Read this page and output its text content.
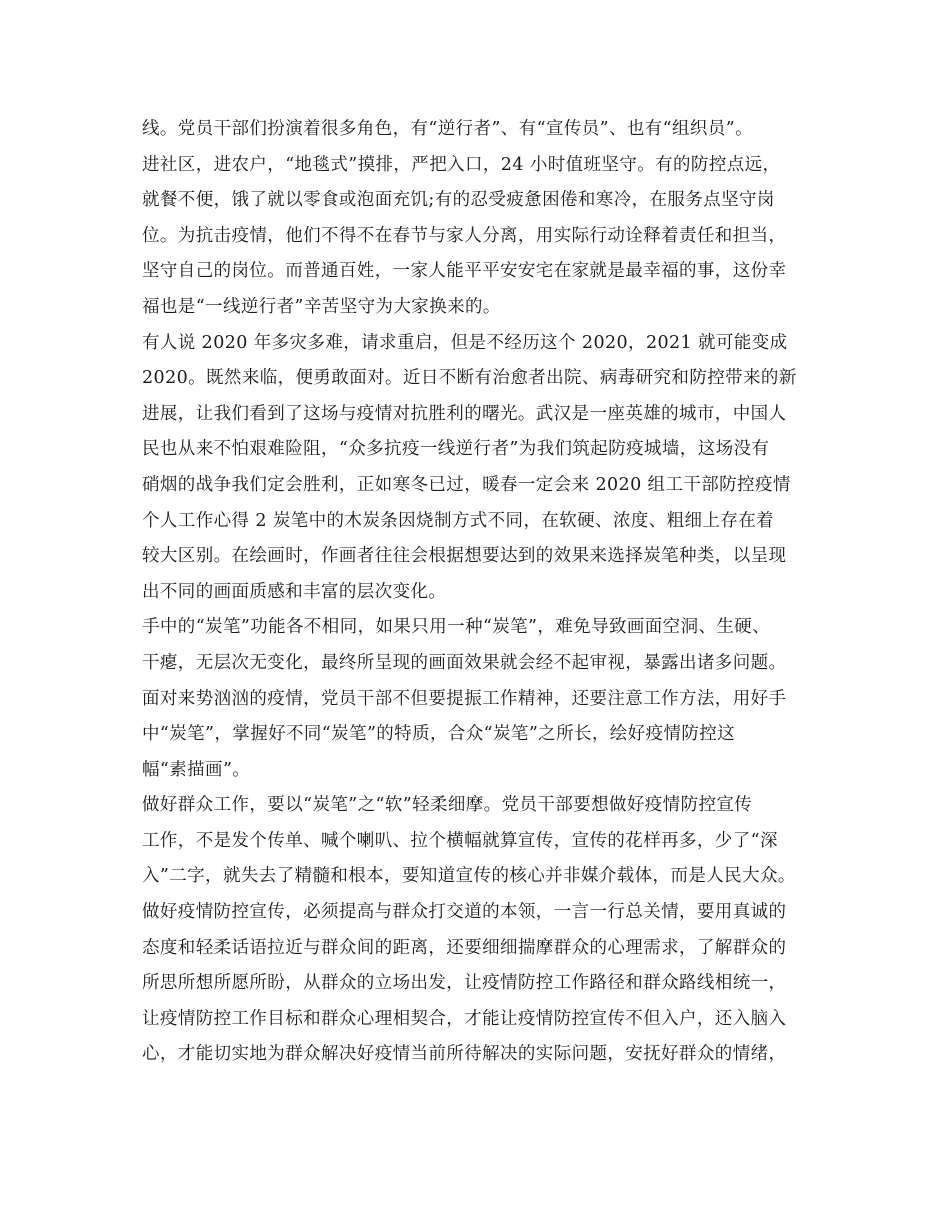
线。党员干部们扮演着很多角色，有“逆行者”、有“宣传员”、也有“组织员”。
进社区，进农户，“地毯式”摸排，严把入口，24 小时值班坚守。有的防控点远，
就餐不便，饿了就以零食或泡面充饥;有的忍受疲惫困倦和寒冷，在服务点坚守岗
位。为抗击疫情，他们不得不在春节与家人分离，用实际行动诠释着责任和担当，
坚守自己的岗位。而普通百姓，一家人能平平安安宅在家就是最幸福的事，这份幸
福也是“一线逆行者”辛苦坚守为大家换来的。
有人说 2020 年多灾多难，请求重启，但是不经历这个 2020，2021 就可能变成
2020。既然来临，便勇敢面对。近日不断有治愈者出院、病毒研究和防控带来的新
进展，让我们看到了这场与疫情对抗胜利的曙光。武汉是一座英雄的城市，中国人
民也从来不怕艰难险阻，“众多抗疫一线逆行者”为我们筑起防疫城墙，这场没有
硝烟的战争我们定会胜利，正如寒冬已过，暖春一定会来 2020 组工干部防控疫情
个人工作心得 2 炭笔中的木炭条因烧制方式不同，在软硬、浓度、粗细上存在着
较大区别。在绘画时，作画者往往会根据想要达到的效果来选择炭笔种类，以呈现
出不同的画面质感和丰富的层次变化。
手中的“炭笔”功能各不相同，如果只用一种“炭笔”，难免导致画面空洞、生硬、
干瘪，无层次无变化，最终所呈现的画面效果就会经不起审视，暴露出诸多问题。
面对来势汹汹的疫情，党员干部不但要提振工作精神，还要注意工作方法，用好手
中“炭笔”，掌握好不同“炭笔”的特质，合众“炭笔”之所长，绘好疫情防控这
幅“素描画”。
做好群众工作，要以“炭笔”之“软”轻柔细摩。党员干部要想做好疫情防控宣传
工作，不是发个传单、喊个喇叭、拉个横幅就算宣传，宣传的花样再多，少了“深
入”二字，就失去了精髓和根本，要知道宣传的核心并非媒介载体，而是人民大众。
做好疫情防控宣传，必须提高与群众打交道的本领，一言一行总关情，要用真诚的
态度和轻柔话语拉近与群众间的距离，还要细细揣摩群众的心理需求，了解群众的
所思所想所愿所盼，从群众的立场出发，让疫情防控工作路径和群众路线相统一，
让疫情防控工作目标和群众心理相契合，才能让疫情防控宣传不但入户，还入脑入
心，才能切实地为群众解决好疫情当前所待解决的实际问题，安抚好群众的情绪，
